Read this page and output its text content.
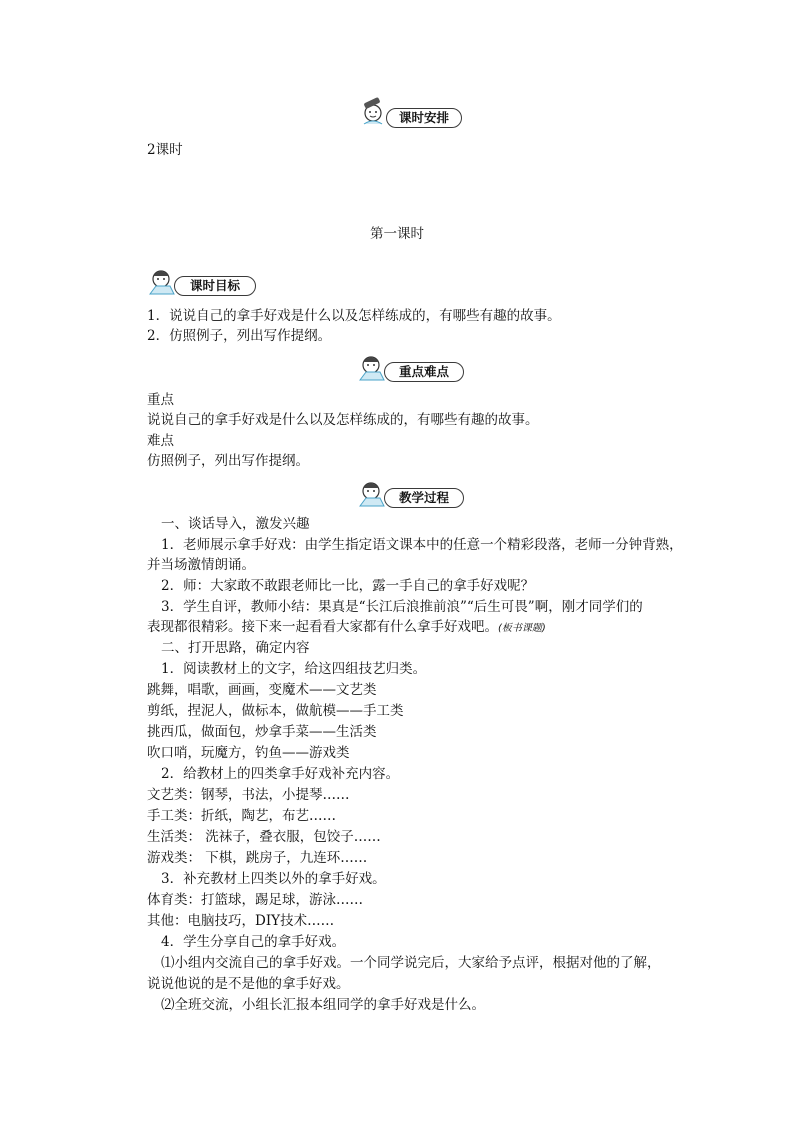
课时安排
2课时
第一课时
课时目标
1．说说自己的拿手好戏是什么以及怎样练成的，有哪些有趣的故事。
2．仿照例子，列出写作提纲。
重点难点
重点
说说自己的拿手好戏是什么以及怎样练成的，有哪些有趣的故事。
难点
仿照例子，列出写作提纲。
教学过程
一、谈话导入，激发兴趣
1．老师展示拿手好戏：由学生指定语文课本中的任意一个精彩段落，老师一分钟背熟，
并当场激情朗诵。
2．师：大家敢不敢跟老师比一比，露一手自己的拿手好戏呢？
3．学生自评，教师小结：果真是“长江后浪推前浪”“后生可畏”啊，刚才同学们的
表现都很精彩。接下来一起看看大家都有什么拿手好戏吧。(板书课题)
二、打开思路，确定内容
1．阅读教材上的文字，给这四组技艺归类。
跳舞，唱歌，画画，变魔术——文艺类
剪纸，捏泥人，做标本，做航模——手工类
挑西瓜，做面包，炒拿手菜——生活类
吹口哨，玩魔方，钓鱼——游戏类
2．给教材上的四类拿手好戏补充内容。
文艺类：钢琴，书法，小提琴……
手工类：折纸，陶艺，布艺……
生活类： 洗袜子，叠衣服，包饺子……
游戏类： 下棋，跳房子，九连环……
3．补充教材上四类以外的拿手好戏。
体育类：打篮球，踢足球，游泳……
其他：电脑技巧，DIY技术……
4．学生分享自己的拿手好戏。
⑴小组内交流自己的拿手好戏。一个同学说完后，大家给予点评，根据对他的了解，
说说他说的是不是他的拿手好戏。
⑵全班交流，小组长汇报本组同学的拿手好戏是什么。
